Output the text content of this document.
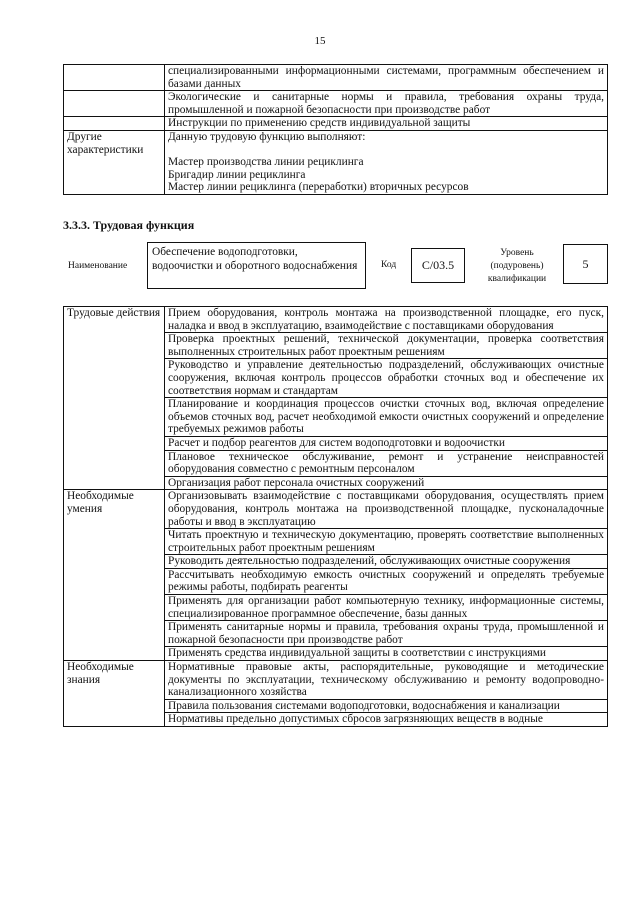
15
	специализированными информационными системами, программным обеспечением и базами данных
	Экологические и санитарные нормы и правила, требования охраны труда, промышленной и пожарной безопасности при производстве работ
	Инструкции по применению средств индивидуальной защиты
Другие характеристики	Данную трудовую функцию выполняют:
	Мастер производства линии рециклинга
	Бригадир линии рециклинга
	Мастер линии рециклинга (переработки) вторичных ресурсов
3.3.3. Трудовая функция
Наименование
Обеспечение водоподготовки, водоочистки и оборотного водоснабжения	Код	C/03.5
Уровень (подуровень) квалификации
5
Трудовые действия	Прием оборудования, контроль монтажа на производственной площадке, его пуск, наладка и ввод в эксплуатацию, взаимодействие с поставщиками оборудования
	Проверка проектных решений, технической документации, проверка соответствия выполненных строительных работ проектным решениям
	Руководство и управление деятельностью подразделений, обслуживающих очистные сооружения, включая контроль процессов обработки сточных вод и обеспечение их соответствия нормам и стандартам
	Планирование и координация процессов очистки сточных вод, включая определение объемов сточных вод, расчет необходимой емкости очистных сооружений и определение требуемых режимов работы
	Расчет и подбор реагентов для систем водоподготовки и водоочистки
	Плановое техническое обслуживание, ремонт и устранение неисправностей оборудования совместно с ремонтным персоналом
	Организация работ персонала очистных сооружений
Необходимые умения	Организовывать взаимодействие с поставщиками оборудования, осуществлять прием оборудования, контроль монтажа на производственной площадке, пусконаладочные работы и ввод в эксплуатацию
	Читать проектную и техническую документацию, проверять соответствие выполненных строительных работ проектным решениям
	Руководить деятельностью подразделений, обслуживающих очистные сооружения
	Рассчитывать необходимую емкость очистных сооружений и определять требуемые режимы работы, подбирать реагенты
	Применять для организации работ компьютерную технику, информационные системы, специализированное программное обеспечение, базы данных
	Применять санитарные нормы и правила, требования охраны труда, промышленной и пожарной безопасности при производстве работ
	Применять средства индивидуальной защиты в соответствии с инструкциями
Необходимые знания	Нормативные правовые акты, распорядительные, руководящие и методические документы по эксплуатации, техническому обслуживанию и ремонту водопроводно-канализационного хозяйства
	Правила пользования системами водоподготовки, водоснабжения и канализации
	Нормативы предельно допустимых сбросов загрязняющих веществ в водные
